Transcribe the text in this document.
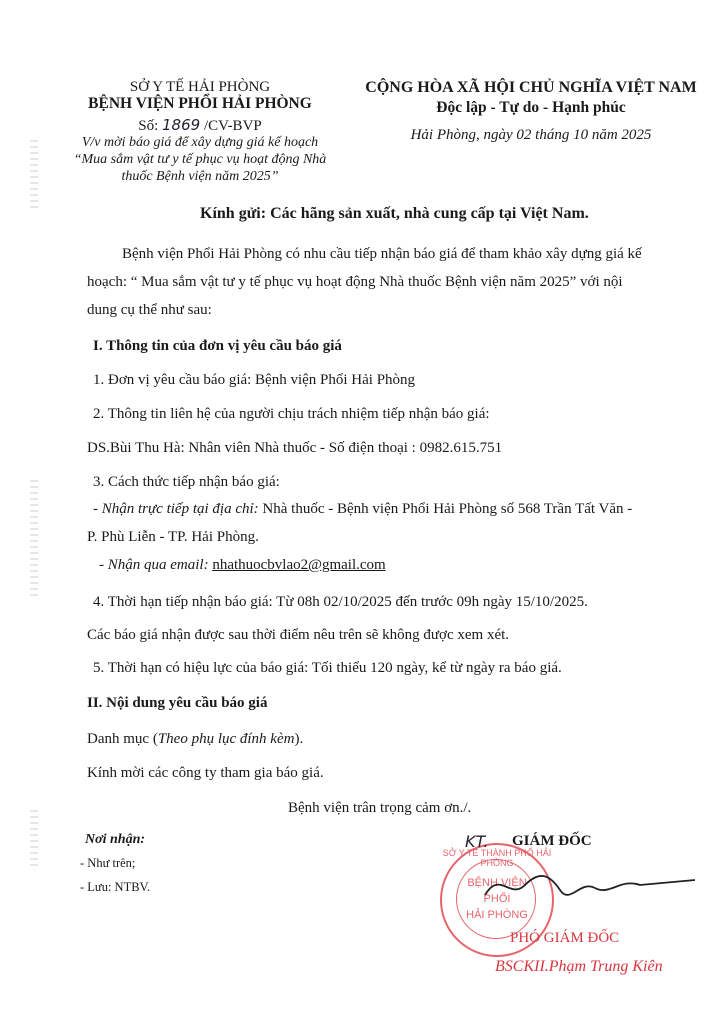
SỞ Y TẾ HẢI PHÒNG
BỆNH VIỆN PHỔI HẢI PHÒNG
Số: 1869 /CV-BVP
V/v mời báo giá để xây dựng giá kế hoạch
“Mua sắm vật tư y tế phục vụ hoạt động Nhà
thuốc Bệnh viện năm 2025”
CỘNG HÒA XÃ HỘI CHỦ NGHĨA VIỆT NAM
Độc lập - Tự do - Hạnh phúc
Hải Phòng, ngày 02 tháng 10 năm 2025
Kính gửi: Các hãng sản xuất, nhà cung cấp tại Việt Nam.
Bệnh viện Phổi Hải Phòng có nhu cầu tiếp nhận báo giá để tham khảo xây dựng giá kế
hoạch: “ Mua sắm vật tư y tế phục vụ hoạt động Nhà thuốc Bệnh viện năm 2025” với nội
dung cụ thể như sau:
I. Thông tin của đơn vị yêu cầu báo giá
1. Đơn vị yêu cầu báo giá: Bệnh viện Phổi Hải Phòng
2. Thông tin liên hệ của người chịu trách nhiệm tiếp nhận báo giá:
DS.Bùi Thu Hà: Nhân viên Nhà thuốc - Số điện thoại : 0982.615.751
3. Cách thức tiếp nhận báo giá:
- Nhận trực tiếp tại địa chỉ: Nhà thuốc - Bệnh viện Phổi Hải Phòng số 568 Trần Tất Văn -
P. Phù Liễn - TP. Hải Phòng.
- Nhận qua email: nhathuocbvlao2@gmail.com
4. Thời hạn tiếp nhận báo giá: Từ 08h 02/10/2025 đến trước 09h ngày 15/10/2025.
Các báo giá nhận được sau thời điểm nêu trên sẽ không được xem xét.
5. Thời hạn có hiệu lực của báo giá: Tối thiểu 120 ngày, kể từ ngày ra báo giá.
II. Nội dung yêu cầu báo giá
Danh mục (Theo phụ lục đính kèm).
Kính mời các công ty tham gia báo giá.
Bệnh viện trân trọng cảm ơn./.
Nơi nhận:
- Như trên;
- Lưu: NTBV.
SỞ Y TẾ THÀNH PHỐ HẢI PHÒNG
BỆNH VIỆN
PHỔI
HẢI PHÒNG
KT. GIÁM ĐỐC
PHÓ GIÁM ĐỐC
BSCKII.Phạm Trung Kiên
